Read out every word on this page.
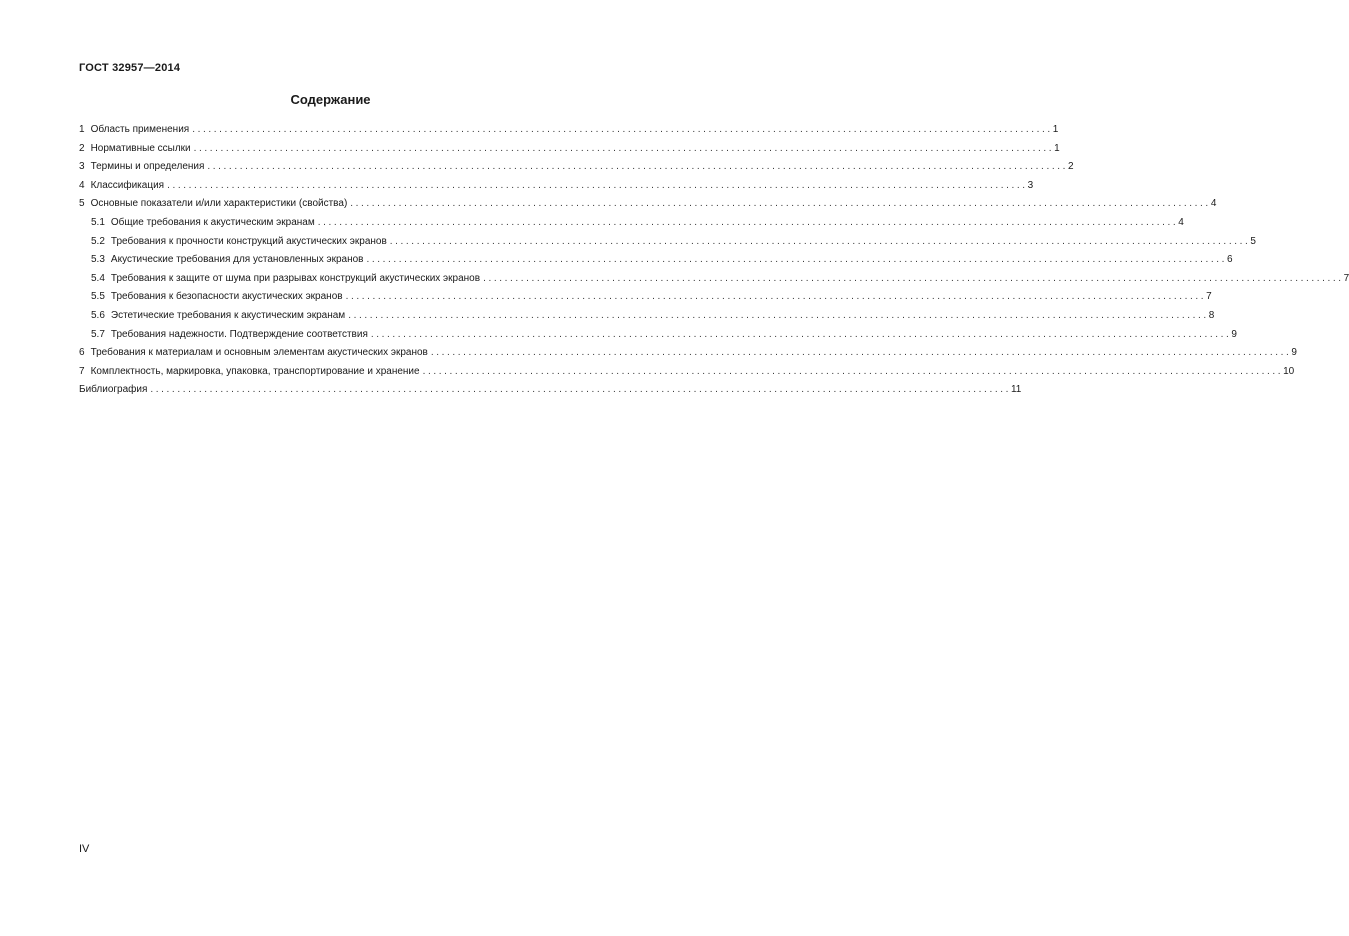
ГОСТ 32957—2014
Содержание
1 Область применения ................................................................................................................................................................ 1
2 Нормативные ссылки ................................................................................................................................................................ 1
3 Термины и определения ................................................................................................................................................................ 2
4 Классификация ................................................................................................................................................................ 3
5 Основные показатели и/или характеристики (свойства) ................................................................................................................................................................ 4
5.1 Общие требования к акустическим экранам ................................................................................................................................................................ 4
5.2 Требования к прочности конструкций акустических экранов ................................................................................................................................................................ 5
5.3 Акустические требования для установленных экранов ................................................................................................................................................................ 6
5.4 Требования к защите от шума при разрывах конструкций акустических экранов ................................................................................................................................................................ 7
5.5 Требования к безопасности акустических экранов ................................................................................................................................................................ 7
5.6 Эстетические требования к акустическим экранам ................................................................................................................................................................ 8
5.7 Требования надежности. Подтверждение соответствия ................................................................................................................................................................ 9
6 Требования к материалам и основным элементам акустических экранов ................................................................................................................................................................ 9
7 Комплектность, маркировка, упаковка, транспортирование и хранение ................................................................................................................................................................ 10
Библиография ................................................................................................................................................................ 11
IV
